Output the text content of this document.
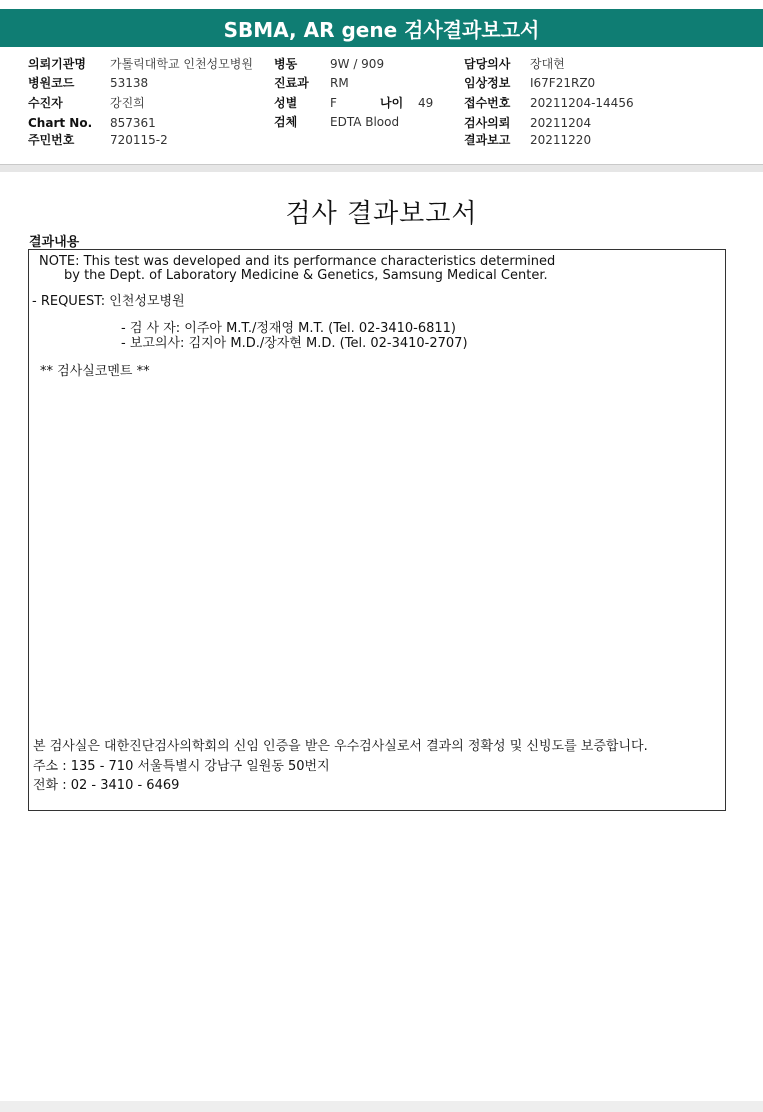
SBMA, AR gene 검사결과보고서
의뢰기관명 가톨릭대학교 인천성모병원
병원코드	53138
수진자	강진희
Chart No. 857361
주민번호	720115-2
병동	9W / 909
진료과 RM
성별	F	나이 49
검체	EDTA Blood
담당의사 장대현
임상정보 I67F21RZ0
접수번호 20211204-14456
검사의뢰 20211204
결과보고 20211220
검사 결과보고서
결과내용
NOTE: This test was developed and its performance characteristics determined
by the Dept. of Laboratory Medicine & Genetics, Samsung Medical Center.
- REQUEST: 인천성모병원
- 검 사 자: 이주아 M.T./정재영 M.T. (Tel. 02-3410-6811)
- 보고의사: 김지아 M.D./장자현 M.D. (Tel. 02-3410-2707)
** 검사실코멘트 **
본 검사실은 대한진단검사의학회의 신임 인증을 받은 우수검사실로서 결과의 정확성 및 신빙도를 보증합니다.
주소 : 135 - 710 서울특별시 강남구 일원동 50번지
전화 : 02 - 3410 - 6469
